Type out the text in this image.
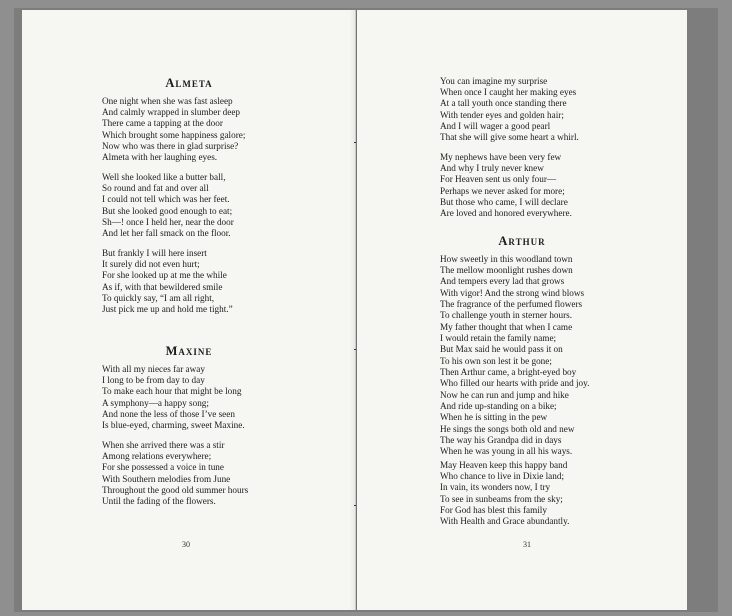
Almeta
One night when she was fast asleep
And calmly wrapped in slumber deep
There came a tapping at the door
Which brought some happiness galore;
Now who was there in glad surprise?
Almeta with her laughing eyes.
Well she looked like a butter ball,
So round and fat and over all
I could not tell which was her feet.
But she looked good enough to eat;
Sh—! once I held her, near the door
And let her fall smack on the floor.
But frankly I will here insert
It surely did not even hurt;
For she looked up at me the while
As if, with that bewildered smile
To quickly say, “I am all right,
Just pick me up and hold me tight.”
Maxine
With all my nieces far away
I long to be from day to day
To make each hour that might be long
A symphony—a happy song;
And none the less of those I’ve seen
Is blue-eyed, charming, sweet Maxine.
When she arrived there was a stir
Among relations everywhere;
For she possessed a voice in tune
With Southern melodies from June
Throughout the good old summer hours
Until the fading of the flowers.
30
You can imagine my surprise
When once I caught her making eyes
At a tall youth once standing there
With tender eyes and golden hair;
And I will wager a good pearl
That she will give some heart a whirl.
My nephews have been very few
And why I truly never knew
For Heaven sent us only four—
Perhaps we never asked for more;
But those who came, I will declare
Are loved and honored everywhere.
Arthur
How sweetly in this woodland town
The mellow moonlight rushes down
And tempers every lad that grows
With vigor! And the strong wind blows
The fragrance of the perfumed flowers
To challenge youth in sterner hours.
My father thought that when I came
I would retain the family name;
But Max said he would pass it on
To his own son lest it be gone;
Then Arthur came, a bright-eyed boy
Who filled our hearts with pride and joy.
Now he can run and jump and hike
And ride up-standing on a bike;
When he is sitting in the pew
He sings the songs both old and new
The way his Grandpa did in days
When he was young in all his ways.
May Heaven keep this happy band
Who chance to live in Dixie land;
In vain, its wonders now, I try
To see in sunbeams from the sky;
For God has blest this family
With Health and Grace abundantly.
31
